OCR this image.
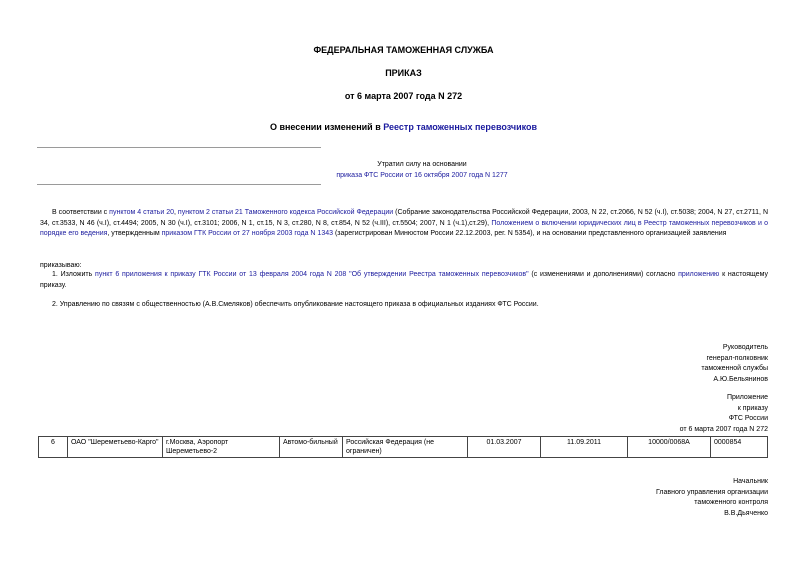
ФЕДЕРАЛЬНАЯ ТАМОЖЕННАЯ СЛУЖБА
ПРИКАЗ
от 6 марта 2007 года N 272
О внесении изменений в Реестр таможенных перевозчиков
Утратил силу на основании
приказа ФТС России от 16 октября 2007 года N 1277
В соответствии с пунктом 4 статьи 20, пунктом 2 статьи 21 Таможенного кодекса Российской Федерации (Собрание законодательства Российской Федерации, 2003, N 22, ст.2066, N 52 (ч.I), ст.5038; 2004, N 27, ст.2711, N 34, ст.3533, N 46 (ч.I), ст.4494; 2005, N 30 (ч.I), ст.3101; 2006, N 1, ст.15, N 3, ст.280, N 8, ст.854, N 52 (ч.III), ст.5504; 2007, N 1 (ч.1),ст.29), Положением о включении юридических лиц в Реестр таможенных перевозчиков и о порядке его ведения, утвержденным приказом ГТК России от 27 ноября 2003 года N 1343 (зарегистрирован Минюстом России 22.12.2003, рег. N 5354), и на основании представленного организацией заявления
приказываю:
1. Изложить пункт 6 приложения к приказу ГТК России от 13 февраля 2004 года N 208 "Об утверждении Реестра таможенных перевозчиков" (с изменениями и дополнениями) согласно приложению к настоящему приказу.
2. Управлению по связям с общественностью (А.В.Смеляков) обеспечить опубликование настоящего приказа в официальных изданиях ФТС России.
Руководитель
генерал-полковник
таможенной службы
А.Ю.Бельянинов
Приложение
к приказу
ФТС России
от 6 марта 2007 года N 272
6	ОАО "Шереметьево-Карго"	г.Москва, Аэропорт Шереметьево-2	Автомо-бильный	Российская Федерация (не ограничен)	01.03.2007	11.09.2011	10000/0068А	0000854
Начальник
Главного управления организации
таможенного контроля
В.В.Дьяченко
